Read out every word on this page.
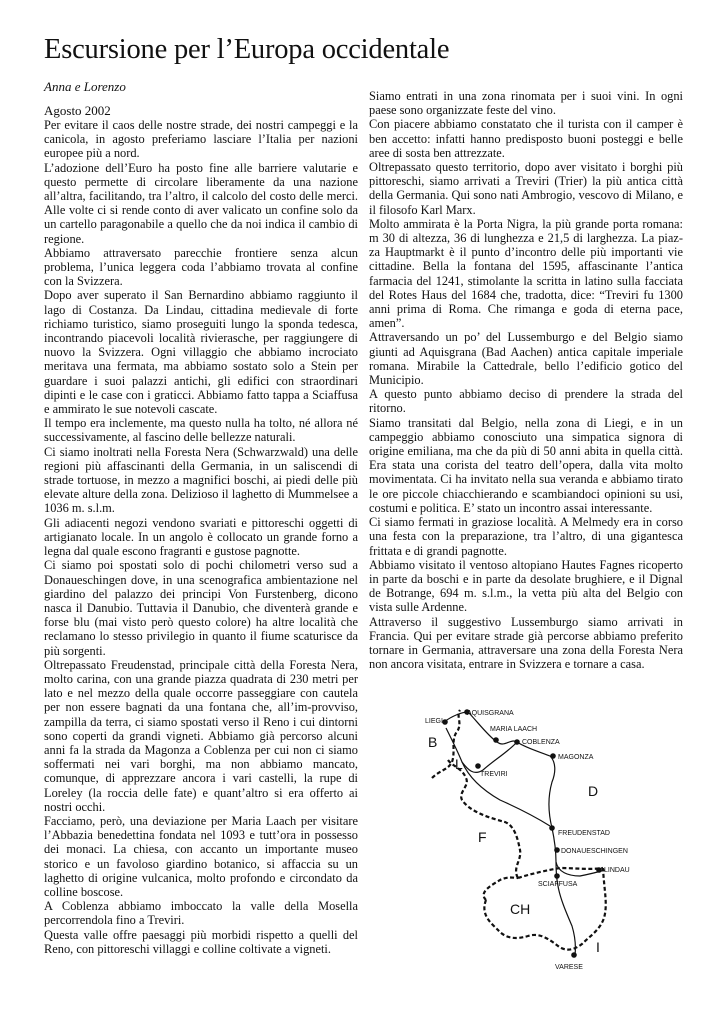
Escursione per l’Europa occidentale
Anna e Lorenzo
Agosto 2002

Per evitare il caos delle nostre strade, dei nostri campeggi e la canicola, in agosto preferiamo lasciare l’Italia per nazioni europee più a nord.

L’adozione dell’Euro ha posto fine alle barriere valutarie e questo permette di circolare liberamente da una nazione all’altra, facilitando, tra l’altro, il calcolo del costo delle merci. Alle volte ci si rende conto di aver valicato un confine solo da un cartello paragonabile a quello che da noi indica il cambio di regione.

Abbiamo attraversato parecchie frontiere senza alcun problema, l’unica leggera coda l’abbiamo trovata al confine con la Svizzera.

Dopo aver superato il San Bernardino abbiamo raggiunto il lago di Costanza. Da Lindau, cittadina medievale di forte richiamo turistico, siamo proseguiti lungo la sponda tedesca, incontrando piacevoli località rivierasche, per raggiungere di nuovo la Svizzera. Ogni villaggio che abbiamo incrociato meritava una fermata, ma abbiamo sostato solo a Stein per guardare i suoi palazzi antichi, gli edifici con straordinari dipinti e le case con i graticci. Abbiamo fatto tappa a Sciaffusa e ammirato le sue notevoli cascate.

Il tempo era inclemente, ma questo nulla ha tolto, né allora né successivamente, al fascino delle bellezze naturali.

Ci siamo inoltrati nella Foresta Nera (Schwarzwald) una delle regioni più affascinanti della Germania, in un saliscendi di strade tortuose, in mezzo a magnifici boschi, ai piedi delle più elevate alture della zona. Delizioso il laghetto di Mummelsee a 1036 m. s.l.m.

Gli adiacenti negozi vendono svariati e pittoreschi oggetti di artigianato locale. In un angolo è collocato un grande forno a legna dal quale escono fragranti e gustose pagnotte.

Ci siamo poi spostati solo di pochi chilometri verso sud a Donaueschingen dove, in una scenografica ambientazione nel giardino del palazzo dei principi Von Furstenberg, dicono nasca il Danubio. Tuttavia il Danubio, che diventerà grande e forse blu (mai visto però questo colore) ha altre località che reclamano lo stesso privilegio in quanto il fiume scaturisce da più sorgenti.

Oltrepassato Freudenstad, principale città della Foresta Nera, molto carina, con una grande piazza quadrata di 230 metri per lato e nel mezzo della quale occorre passeggiare con cautela per non essere bagnati da una fontana che, all’im-provviso, zampilla da terra, ci siamo spostati verso il Reno i cui dintorni sono coperti da grandi vigneti. Abbiamo già percorso alcuni anni fa la strada da Magonza a Coblenza per cui non ci siamo soffermati nei vari borghi, ma non abbiamo mancato, comunque, di apprezzare ancora i vari castelli, la rupe di Loreley (la roccia delle fate) e quant’altro si era offerto ai nostri occhi.

Facciamo, però, una deviazione per Maria Laach per visitare l’Abbazia benedettina fondata nel 1093 e tutt’ora in possesso dei monaci. La chiesa, con accanto un importante museo storico e un favoloso giardino botanico, si affaccia su un laghetto di origine vulcanica, molto profondo e circondato da colline boscose.

A Coblenza abbiamo imboccato la valle della Mosella percorrendola fino a Treviri.

Questa valle offre paesaggi più morbidi rispetto a quelli del Reno, con pittoreschi villaggi e colline coltivate a vigneti.

Siamo entrati in una zona rinomata per i suoi vini. In ogni paese sono organizzate feste del vino.

Con piacere abbiamo constatato che il turista con il camper è ben accetto: infatti hanno predisposto buoni posteggi e belle aree di sosta ben attrezzate.

Oltrepassato questo territorio, dopo aver visitato i borghi più pittoreschi, siamo arrivati a Treviri (Trier) la più antica città della Germania. Qui sono nati Ambrogio, vescovo di Milano, e il filosofo Karl Marx.

Molto ammirata è la Porta Nigra, la più grande porta romana: m 30 di altezza, 36 di lunghezza e 21,5 di larghezza. La piaz-za Hauptmarkt è il punto d’incontro delle più importanti vie cittadine. Bella la fontana del 1595, affascinante l’antica farmacia del 1241, stimolante la scritta in latino sulla facciata del Rotes Haus del 1684 che, tradotta, dice: “Treviri fu 1300 anni prima di Roma. Che rimanga e goda di eterna pace, amen”.

Attraversando un po’ del Lussemburgo e del Belgio siamo giunti ad Aquisgrana (Bad Aachen) antica capitale imperiale romana. Mirabile la Cattedrale, bello l’edificio gotico del Municipio.

A questo punto abbiamo deciso di prendere la strada del ritorno.

Siamo transitati dal Belgio, nella zona di Liegi, e in un campeggio abbiamo conosciuto una simpatica signora di origine emiliana, ma che da più di 50 anni abita in quella città. Era stata una corista del teatro dell’opera, dalla vita molto movimentata. Ci ha invitato nella sua veranda e abbiamo tirato le ore piccole chiacchierando e scambiandoci opinioni su usi, costumi e politica. E’ stato un incontro assai interessante.

Ci siamo fermati in graziose località. A Melmedy era in corso una festa con la preparazione, tra l’altro, di una gigantesca frittata e di grandi pagnotte.

Abbiamo visitato il ventoso altopiano Hautes Fagnes ricoperto in parte da boschi e in parte da desolate brughiere, e il Dignal de Botrange, 694 m. s.l.m., la vetta più alta del Belgio con vista sulle Ardenne.

Attraverso il suggestivo Lussemburgo siamo arrivati in Francia. Qui per evitare strade già percorse abbiamo preferito tornare in Germania, attraversare una zona della Foresta Nera non ancora visitata, entrare in Svizzera e tornare a casa.

B
L
D
F
CH
I
AQUISGRANA
LIEGI
MARIA LAACH
COBLENZA
MAGONZA
TREVIRI
FREUDENSTAD
DONAUESCHINGEN
LINDAU
SCIAFFUSA
VARESE
